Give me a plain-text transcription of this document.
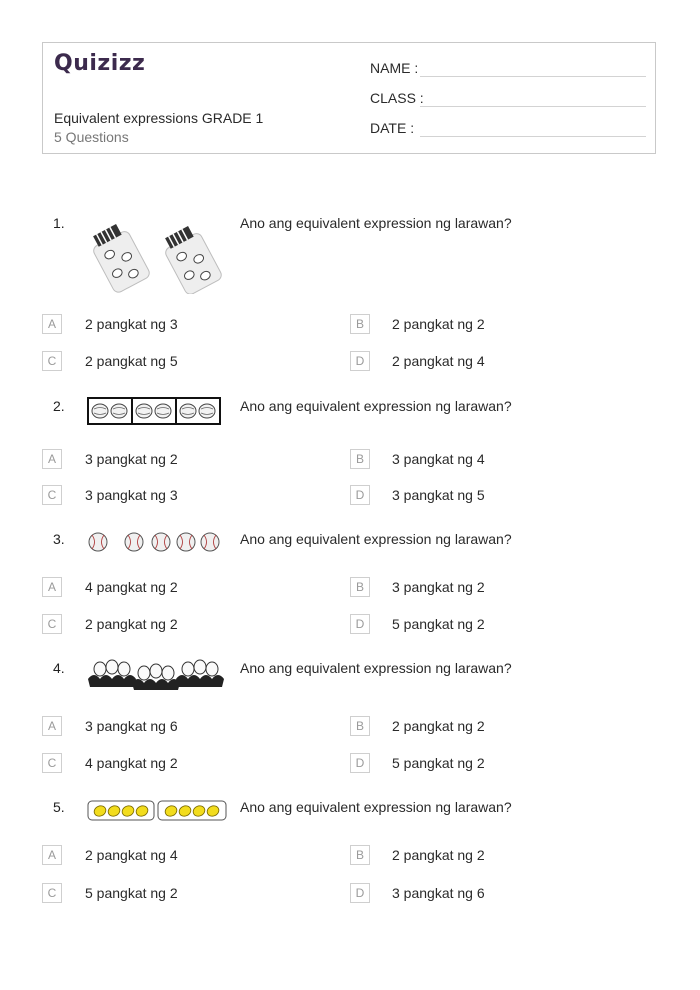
Quizizz
Equivalent expressions GRADE 1
5 Questions
NAME :
CLASS :
DATE :
1.	Ano ang equivalent expression ng larawan?
A	2 pangkat ng 3	B	2 pangkat ng 2
C	2 pangkat ng 5	D	2 pangkat ng 4
2.	Ano ang equivalent expression ng larawan?
A	3 pangkat ng 2	B	3 pangkat ng 4
C	3 pangkat ng 3	D	3 pangkat ng 5
3.	Ano ang equivalent expression ng larawan?
A	4 pangkat ng 2	B	3 pangkat ng 2
C	2 pangkat ng 2	D	5 pangkat ng 2
4.	Ano ang equivalent expression ng larawan?
A	3 pangkat ng 6	B	2 pangkat ng 2
C	4 pangkat ng 2	D	5 pangkat ng 2
5.	Ano ang equivalent expression ng larawan?
A	2 pangkat ng 4	B	2 pangkat ng 2
C	5 pangkat ng 2	D	3 pangkat ng 6
